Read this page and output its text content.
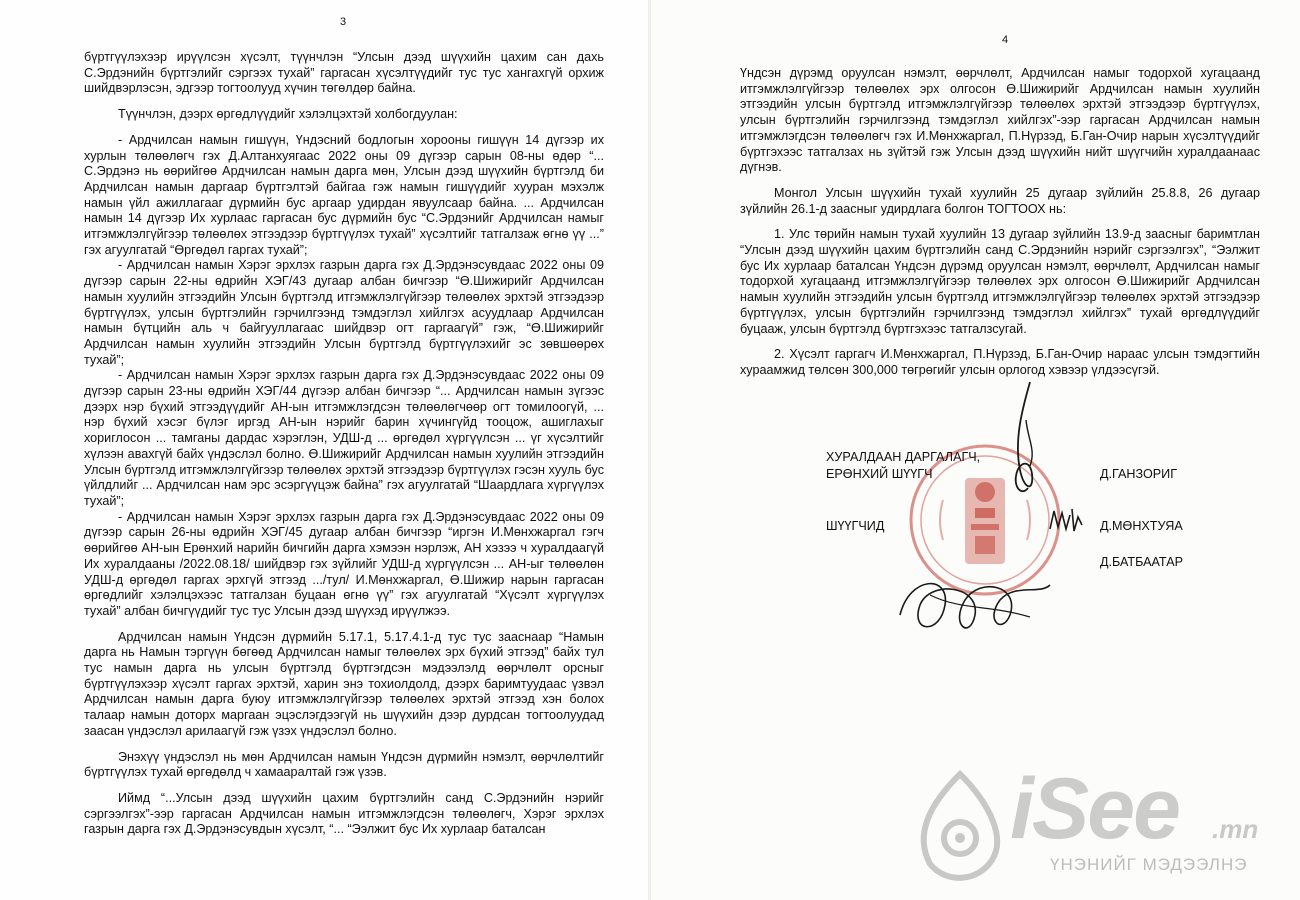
3

бүртгүүлэхээр ирүүлсэн хүсэлт, түүнчлэн “Улсын дээд шүүхийн цахим сан дахь С.Эрдэнийн бүртгэлийг сэргээх тухай” гаргасан хүсэлтүүдийг тус тус хангахгүй орхиж шийдвэрлэсэн, эдгээр тогтоолууд хүчин төгөлдөр байна.

Түүнчлэн, дээрх өргөдлүүдийг хэлэлцэхтэй холбогдуулан:

- Ардчилсан намын гишүүн, Үндэсний бодлогын хорооны гишүүн 14 дүгээр их хурлын төлөөлөгч гэх Д.Алтанхуягаас 2022 оны 09 дүгээр сарын 08-ны өдөр “... С.Эрдэнэ нь өөрийгөө Ардчилсан намын дарга мөн, Улсын дээд шүүхийн бүртгэлд би Ардчилсан намын даргаар бүртгэлтэй байгаа гэж намын гишүүдийг хууран мэхэлж намын үйл ажиллагааг дүрмийн бус аргаар удирдан явуулсаар байна. ... Ардчилсан намын 14 дүгээр Их хурлаас гаргасан бус дүрмийн бус “С.Эрдэнийг Ардчилсан намыг итгэмжлэлгүйгээр төлөөлөх этгээдээр бүртгүүлэх тухай” хүсэлтийг татгалзаж өгнө үү ...” гэх агуулгатай “Өргөдөл гаргах тухай”;

- Ардчилсан намын Хэрэг эрхлэх газрын дарга гэх Д.Эрдэнэсувдаас 2022 оны 09 дүгээр сарын 22-ны өдрийн ХЭГ/43 дугаар албан бичгээр “Ө.Шижирийг Ардчилсан намын хуулийн этгээдийн Улсын бүртгэлд итгэмжлэлгүйгээр төлөөлөх эрхтэй этгээдээр бүртгүүлэх, улсын бүртгэлийн гэрчилгээнд тэмдэглэл хийлгэх асуудлаар Ардчилсан намын бүтцийн аль ч байгууллагаас шийдвэр огт гаргаагүй” гэж, “Ө.Шижирийг Ардчилсан намын хуулийн этгээдийн Улсын бүртгэлд бүртгүүлэхийг эс зөвшөөрөх тухай”;

- Ардчилсан намын Хэрэг эрхлэх газрын дарга гэх Д.Эрдэнэсувдаас 2022 оны 09 дүгээр сарын 23-ны өдрийн ХЭГ/44 дүгээр албан бичгээр “... Ардчилсан намын зүгээс дээрх нэр бүхий этгээдүүдийг АН-ын итгэмжлэгдсэн төлөөлөгчөөр огт томилоогүй, ... нэр бүхий хэсэг бүлэг иргэд АН-ын нэрийг барин хүчингүйд тооцож, ашиглахыг хориглосон ... тамганы дардас хэрэглэн, УДШ-д ... өргөдөл хүргүүлсэн ... үг хүсэлтийг хүлээн авахгүй байх үндэслэл болно. Ө.Шижирийг Ардчилсан намын хуулийн этгээдийн Улсын бүртгэлд итгэмжлэлгүйгээр төлөөлөх эрхтэй этгээдээр бүртгүүлэх гэсэн хууль бус үйлдлийг ... Ардчилсан нам эрс эсэргүүцэж байна” гэх агуулгатай “Шаардлага хүргүүлэх тухай”;

- Ардчилсан намын Хэрэг эрхлэх газрын дарга гэх Д.Эрдэнэсувдаас 2022 оны 09 дүгээр сарын 26-ны өдрийн ХЭГ/45 дугаар албан бичгээр “иргэн И.Мөнхжаргал гэгч өөрийгөө АН-ын Ерөнхий нарийн бичгийн дарга хэмээн нэрлэж, АН хэзээ ч хуралдаагүй Их хуралдааны /2022.08.18/ шийдвэр гэх зүйлийг УДШ-д хүргүүлсэн ... АН-ыг төлөөлөн УДШ-д өргөдөл гаргах эрхгүй этгээд .../тул/ И.Мөнхжаргал, Ө.Шижир нарын гаргасан өргөдлийг хэлэлцэхээс татгалзан буцаан өгнө үү” гэх агуулгатай “Хүсэлт хүргүүлэх тухай” албан бичгүүдийг тус тус Улсын дээд шүүхэд ирүүлжээ.

Ардчилсан намын Үндсэн дүрмийн 5.17.1, 5.17.4.1-д тус тус зааснаар “Намын дарга нь Намын тэргүүн бөгөөд Ардчилсан намыг төлөөлөх эрх бүхий этгээд” байх тул тус намын дарга нь улсын бүртгэлд бүртгэгдсэн мэдээлэлд өөрчлөлт орсныг бүртгүүлэхээр хүсэлт гаргах эрхтэй, харин энэ тохиолдолд, дээрх баримтуудаас үзвэл Ардчилсан намын дарга буюу итгэмжлэлгүйгээр төлөөлөх эрхтэй этгээд хэн болох талаар намын доторх маргаан эцэслэгдээгүй нь шүүхийн дээр дурдсан тогтоолуудад заасан үндэслэл арилаагүй гэж үзэх үндэслэл болно.

Энэхүү үндэслэл нь мөн Ардчилсан намын Үндсэн дүрмийн нэмэлт, өөрчлөлтийг бүртгүүлэх тухай өргөдөлд ч хамааралтай гэж үзэв.

Иймд “...Улсын дээд шүүхийн цахим бүртгэлийн санд С.Эрдэнийн нэрийг сэргээлгэх”-ээр гаргасан Ардчилсан намын итгэмжлэгдсэн төлөөлөгч, Хэрэг эрхлэх газрын дарга гэх Д.Эрдэнэсувдын хүсэлт, “... “Ээлжит бус Их хурлаар баталсан

4

Үндсэн дүрэмд оруулсан нэмэлт, өөрчлөлт, Ардчилсан намыг тодорхой хугацаанд итгэмжлэлгүйгээр төлөөлөх эрх олгосон Ө.Шижирийг Ардчилсан намын хуулийн этгээдийн улсын бүртгэлд итгэмжлэлгүйгээр төлөөлөх эрхтэй этгээдээр бүртгүүлэх, улсын бүртгэлийн гэрчилгээнд тэмдэглэл хийлгэх”-ээр гаргасан Ардчилсан намын итгэмжлэгдсэн төлөөлөгч гэх И.Мөнхжаргал, П.Нүрзэд, Б.Ган-Очир нарын хүсэлтүүдийг бүртгэхээс татгалзах нь зүйтэй гэж Улсын дээд шүүхийн нийт шүүгчийн хуралдаанаас дүгнэв.

Монгол Улсын шүүхийн тухай хуулийн 25 дугаар зүйлийн 25.8.8, 26 дугаар зүйлийн 26.1-д заасныг удирдлага болгон ТОГТООХ нь:

1. Улс төрийн намын тухай хуулийн 13 дугаар зүйлийн 13.9-д заасныг баримтлан “Улсын дээд шүүхийн цахим бүртгэлийн санд С.Эрдэнийн нэрийг сэргээлгэх”, “Ээлжит бус Их хурлаар баталсан Үндсэн дүрэмд оруулсан нэмэлт, өөрчлөлт, Ардчилсан намыг тодорхой хугацаанд итгэмжлэлгүйгээр төлөөлөх эрх олгосон Ө.Шижирийг Ардчилсан намын хуулийн этгээдийн улсын бүртгэлд итгэмжлэлгүйгээр төлөөлөх эрхтэй этгээдээр бүртгүүлэх, улсын бүртгэлийн гэрчилгээнд тэмдэглэл хийлгэх” тухай өргөдлүүдийг буцааж, улсын бүртгэлд бүртгэхээс татгалзсугай.

2. Хүсэлт гаргагч И.Мөнхжаргал, П.Нүрзэд, Б.Ган-Очир нараас улсын тэмдэгтийн хураамжид төлсөн 300,000 төгрөгийг улсын орлогод хэвээр үлдээсүгэй.

ХУРАЛДААН ДАРГАЛАГЧ,
ЕРӨНХИЙ ШҮҮГЧ	Д.ГАНЗОРИГ
ШҮҮГЧИД	Д.МӨНХТУЯА
Д.БАТБААТАР
iSee .mn
ҮНЭНИЙГ МЭДЭЭЛНЭ
